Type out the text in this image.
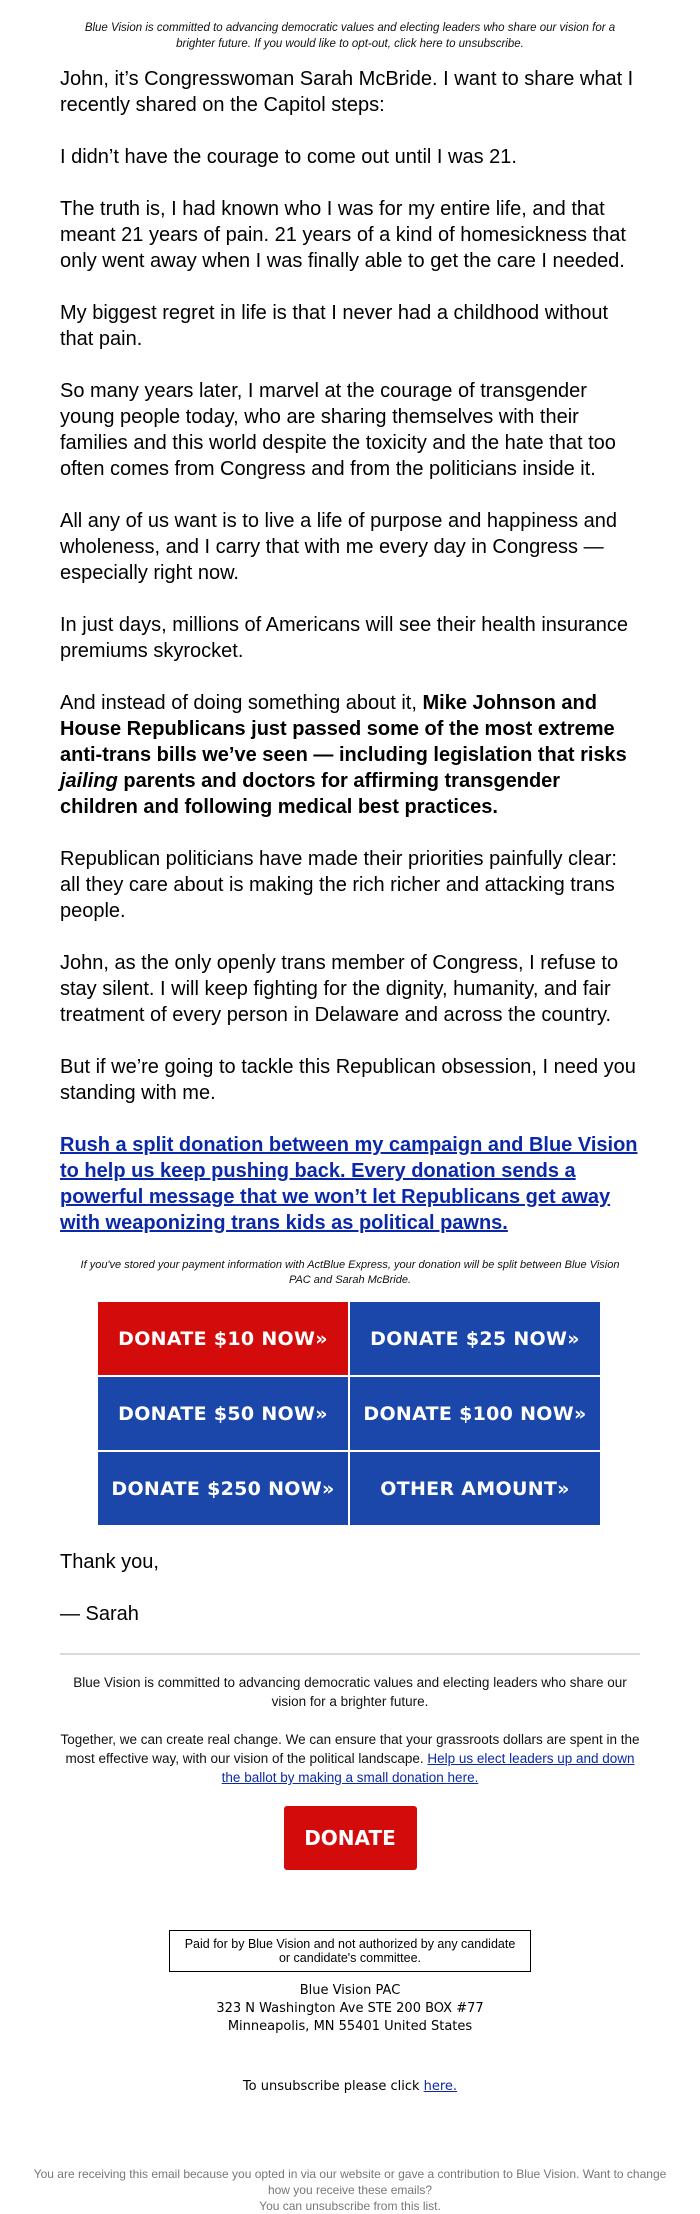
Blue Vision is committed to advancing democratic values and electing leaders who share our vision for a brighter future. If you would like to opt-out, click here to unsubscribe.

John, it’s Congresswoman Sarah McBride. I want to share what I recently shared on the Capitol steps:

I didn’t have the courage to come out until I was 21.

The truth is, I had known who I was for my entire life, and that meant 21 years of pain. 21 years of a kind of homesickness that only went away when I was finally able to get the care I needed.

My biggest regret in life is that I never had a childhood without that pain.

So many years later, I marvel at the courage of transgender young people today, who are sharing themselves with their families and this world despite the toxicity and the hate that too often comes from Congress and from the politicians inside it.

All any of us want is to live a life of purpose and happiness and wholeness, and I carry that with me every day in Congress — especially right now.

In just days, millions of Americans will see their health insurance premiums skyrocket.

And instead of doing something about it, Mike Johnson and House Republicans just passed some of the most extreme anti-trans bills we’ve seen — including legislation that risks jailing parents and doctors for affirming transgender children and following medical best practices.

Republican politicians have made their priorities painfully clear: all they care about is making the rich richer and attacking trans people.

John, as the only openly trans member of Congress, I refuse to stay silent. I will keep fighting for the dignity, humanity, and fair treatment of every person in Delaware and across the country.

But if we’re going to tackle this Republican obsession, I need you standing with me.

Rush a split donation between my campaign and Blue Vision to help us keep pushing back. Every donation sends a powerful message that we won’t let Republicans get away with weaponizing trans kids as political pawns.
If you've stored your payment information with ActBlue Express, your donation will be split between Blue Vision PAC and Sarah McBride.
DONATE $10 NOW»	DONATE $25 NOW»
DONATE $50 NOW»	DONATE $100 NOW»
DONATE $250 NOW»	OTHER AMOUNT»

Thank you,

— Sarah

Blue Vision is committed to advancing democratic values and electing leaders who share our vision for a brighter future.

Together, we can create real change. We can ensure that your grassroots dollars are spent in the most effective way, with our vision of the political landscape. Help us elect leaders up and down the ballot by making a small donation here.

DONATE
Paid for by Blue Vision and not authorized by any candidate or candidate's committee.
Blue Vision PAC
323 N Washington Ave STE 200 BOX #77
Minneapolis, MN 55401 United States
To unsubscribe please click here.
You are receiving this email because you opted in via our website or gave a contribution to Blue Vision. Want to change how you receive these emails?
You can unsubscribe from this list.
